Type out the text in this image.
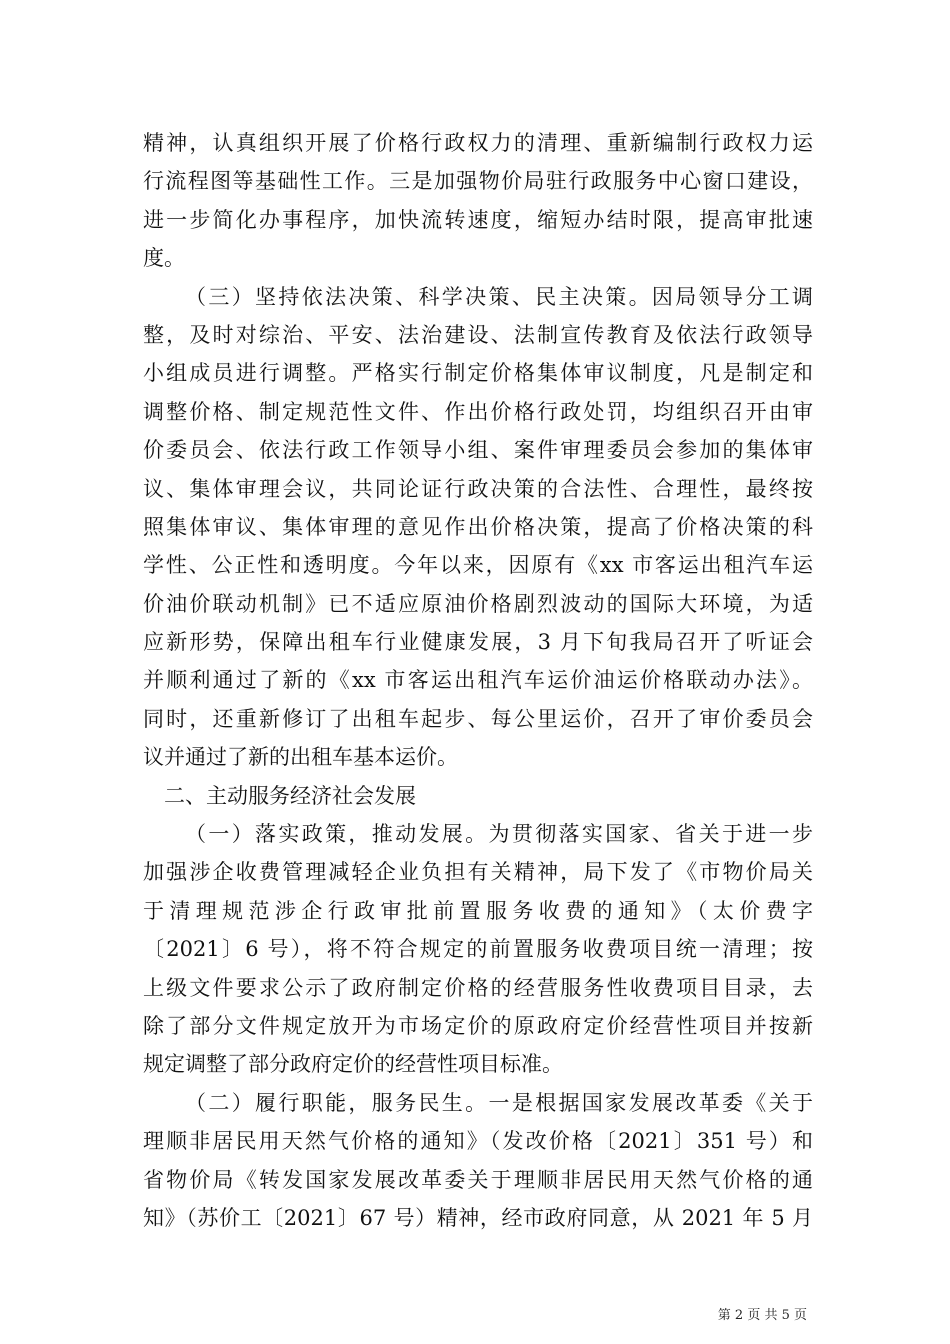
精神，认真组织开展了价格行政权力的清理、重新编制行政权力运
行流程图等基础性工作。三是加强物价局驻行政服务中心窗口建设，
进一步简化办事程序，加快流转速度，缩短办结时限，提高审批速
度。
（三）坚持依法决策、科学决策、民主决策。因局领导分工调
整，及时对综治、平安、法治建设、法制宣传教育及依法行政领导
小组成员进行调整。严格实行制定价格集体审议制度，凡是制定和
调整价格、制定规范性文件、作出价格行政处罚，均组织召开由审
价委员会、依法行政工作领导小组、案件审理委员会参加的集体审
议、集体审理会议，共同论证行政决策的合法性、合理性，最终按
照集体审议、集体审理的意见作出价格决策，提高了价格决策的科
学性、公正性和透明度。今年以来，因原有《xx 市客运出租汽车运
价油价联动机制》已不适应原油价格剧烈波动的国际大环境，为适
应新形势，保障出租车行业健康发展，3 月下旬我局召开了听证会
并顺利通过了新的《xx 市客运出租汽车运价油运价格联动办法》。
同时，还重新修订了出租车起步、每公里运价，召开了审价委员会
议并通过了新的出租车基本运价。
二、主动服务经济社会发展
（一）落实政策，推动发展。为贯彻落实国家、省关于进一步
加强涉企收费管理减轻企业负担有关精神，局下发了《市物价局关
于清理规范涉企行政审批前置服务收费的通知》（太价费字
〔2021〕6 号），将不符合规定的前置服务收费项目统一清理；按
上级文件要求公示了政府制定价格的经营服务性收费项目目录，去
除了部分文件规定放开为市场定价的原政府定价经营性项目并按新
规定调整了部分政府定价的经营性项目标准。
（二）履行职能，服务民生。一是根据国家发展改革委《关于
理顺非居民用天然气价格的通知》（发改价格〔2021〕351 号）和
省物价局《转发国家发展改革委关于理顺非居民用天然气价格的通
知》（苏价工〔2021〕67 号）精神，经市政府同意，从 2021 年 5 月
第 2 页 共 5 页
